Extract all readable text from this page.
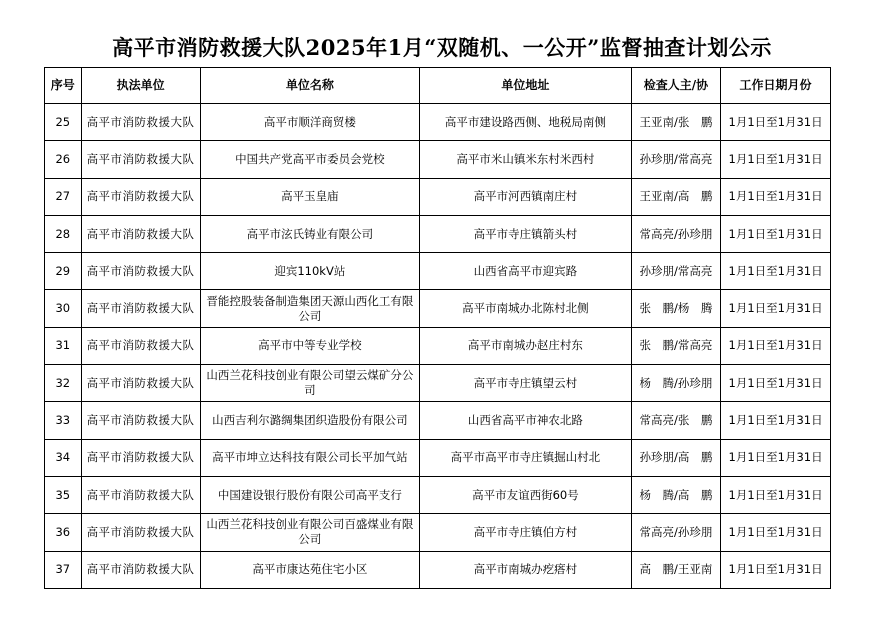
高平市消防救援大队2025年1月“双随机、一公开”监督抽查计划公示
序号	执法单位	单位名称	单位地址	检查人主/协	工作日期月份
25	高平市消防救援大队	高平市顺洋商贸楼	高平市建设路西侧、地税局南侧	王亚南/张　鹏	1月1日至1月31日
26	高平市消防救援大队	中国共产党高平市委员会党校	高平市米山镇米东村米西村	孙珍朋/常高亮	1月1日至1月31日
27	高平市消防救援大队	高平玉皇庙	高平市河西镇南庄村	王亚南/高　鹏	1月1日至1月31日
28	高平市消防救援大队	高平市泫氏铸业有限公司	高平市寺庄镇箭头村	常高亮/孙珍朋	1月1日至1月31日
29	高平市消防救援大队	迎宾110kV站	山西省高平市迎宾路	孙珍朋/常高亮	1月1日至1月31日
30	高平市消防救援大队	晋能控股装备制造集团天源山西化工有限公司	高平市南城办北陈村北侧	张　鹏/杨　腾	1月1日至1月31日
31	高平市消防救援大队	高平市中等专业学校	高平市南城办赵庄村东	张　鹏/常高亮	1月1日至1月31日
32	高平市消防救援大队	山西兰花科技创业有限公司望云煤矿分公司	高平市寺庄镇望云村	杨　腾/孙珍朋	1月1日至1月31日
33	高平市消防救援大队	山西吉利尔潞绸集团织造股份有限公司	山西省高平市神农北路	常高亮/张　鹏	1月1日至1月31日
34	高平市消防救援大队	高平市坤立达科技有限公司长平加气站	高平市高平市寺庄镇掘山村北	孙珍朋/高　鹏	1月1日至1月31日
35	高平市消防救援大队	中国建设银行股份有限公司高平支行	高平市友谊西街60号	杨　腾/高　鹏	1月1日至1月31日
36	高平市消防救援大队	山西兰花科技创业有限公司百盛煤业有限公司	高平市寺庄镇伯方村	常高亮/孙珍朋	1月1日至1月31日
37	高平市消防救援大队	高平市康达苑住宅小区	高平市南城办疙瘩村	高　鹏/王亚南	1月1日至1月31日
